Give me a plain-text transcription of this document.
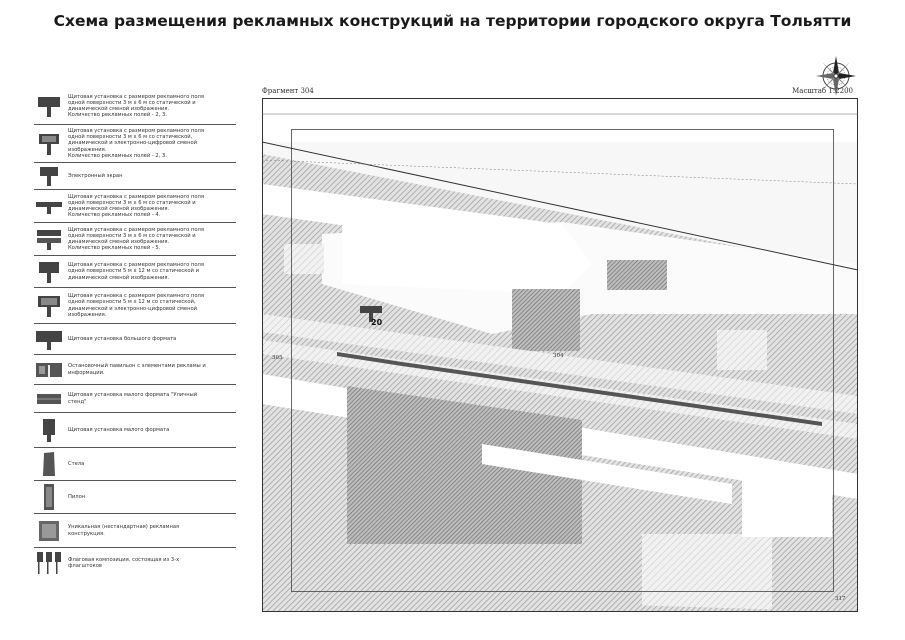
Схема размещения рекламных конструкций на территории городского округа Тольятти
Щитовая установка с размером рекламного поля
одной поверхности 3 м х 6 м со статической и
динамической сменой изображения.
Количество рекламных полей - 2, 3.
Щитовая установка с размером рекламного поля
одной поверхности 3 м х 6 м со статической,
динамической и электронно-цифровой сменой
изображения.
Количество рекламных полей - 2, 3.
Электронный экран
Щитовая установка с размером рекламного поля
одной поверхности 3 м х 6 м со статической и
динамической сменой изображения.
Количество рекламных полей - 4.
Щитовая установка с размером рекламного поля
одной поверхности 3 м х 6 м со статической и
динамической сменой изображения.
Количество рекламных полей - 5.
Щитовая установка с размером рекламного поля
одной поверхности 5 м х 12 м со статической и
динамической сменой изображения.
Щитовая установка с размером рекламного поля
одной поверхности 5 м х 12 м со статической,
динамической и электронно-цифровой сменой
изображения.
Щитовая установка большого формата
Остановочный павильон с элементами рекламы и
информации.
Щитовая установка малого формата "Уличный
стенд"
Щитовая установка малого формата
Стела
Пилон
Уникальная (нестандартная) рекламная
конструкция.
Флаговая композиция, состоящая из 3-х
флагштоков
Фрагмент 304	Масштаб 1:2200
20
305	304
317
